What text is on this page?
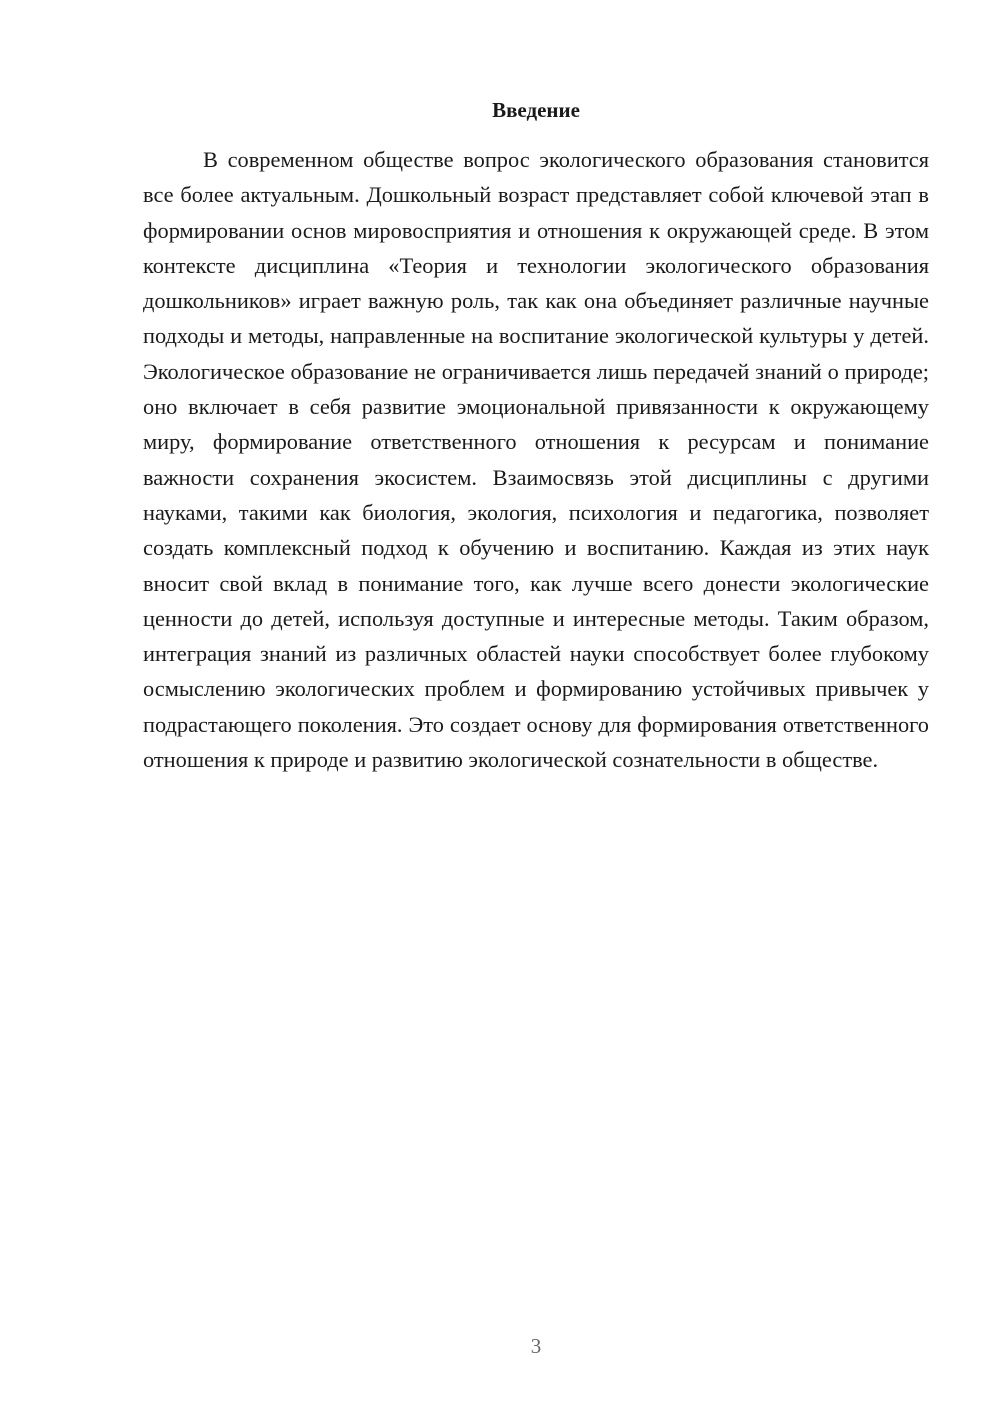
Введение

В современном обществе вопрос экологического образования становится все более актуальным. Дошкольный возраст представляет собой ключевой этап в формировании основ мировосприятия и отношения к окружающей среде. В этом контексте дисциплина «Теория и технологии экологического образования дошкольников» играет важную роль, так как она объединяет различные научные подходы и методы, направленные на воспитание экологической культуры у детей. Экологическое образование не ограничивается лишь передачей знаний о природе; оно включает в себя развитие эмоциональной привязанности к окружающему миру, формирование ответственного отношения к ресурсам и понимание важности сохранения экосистем. Взаимосвязь этой дисциплины с другими науками, такими как биология, экология, психология и педагогика, позволяет создать комплексный подход к обучению и воспитанию. Каждая из этих наук вносит свой вклад в понимание того, как лучше всего донести экологические ценности до детей, используя доступные и интересные методы. Таким образом, интеграция знаний из различных областей науки способствует более глубокому осмыслению экологических проблем и формированию устойчивых привычек у подрастающего поколения. Это создает основу для формирования ответственного отношения к природе и развитию экологической сознательности в обществе.

3
